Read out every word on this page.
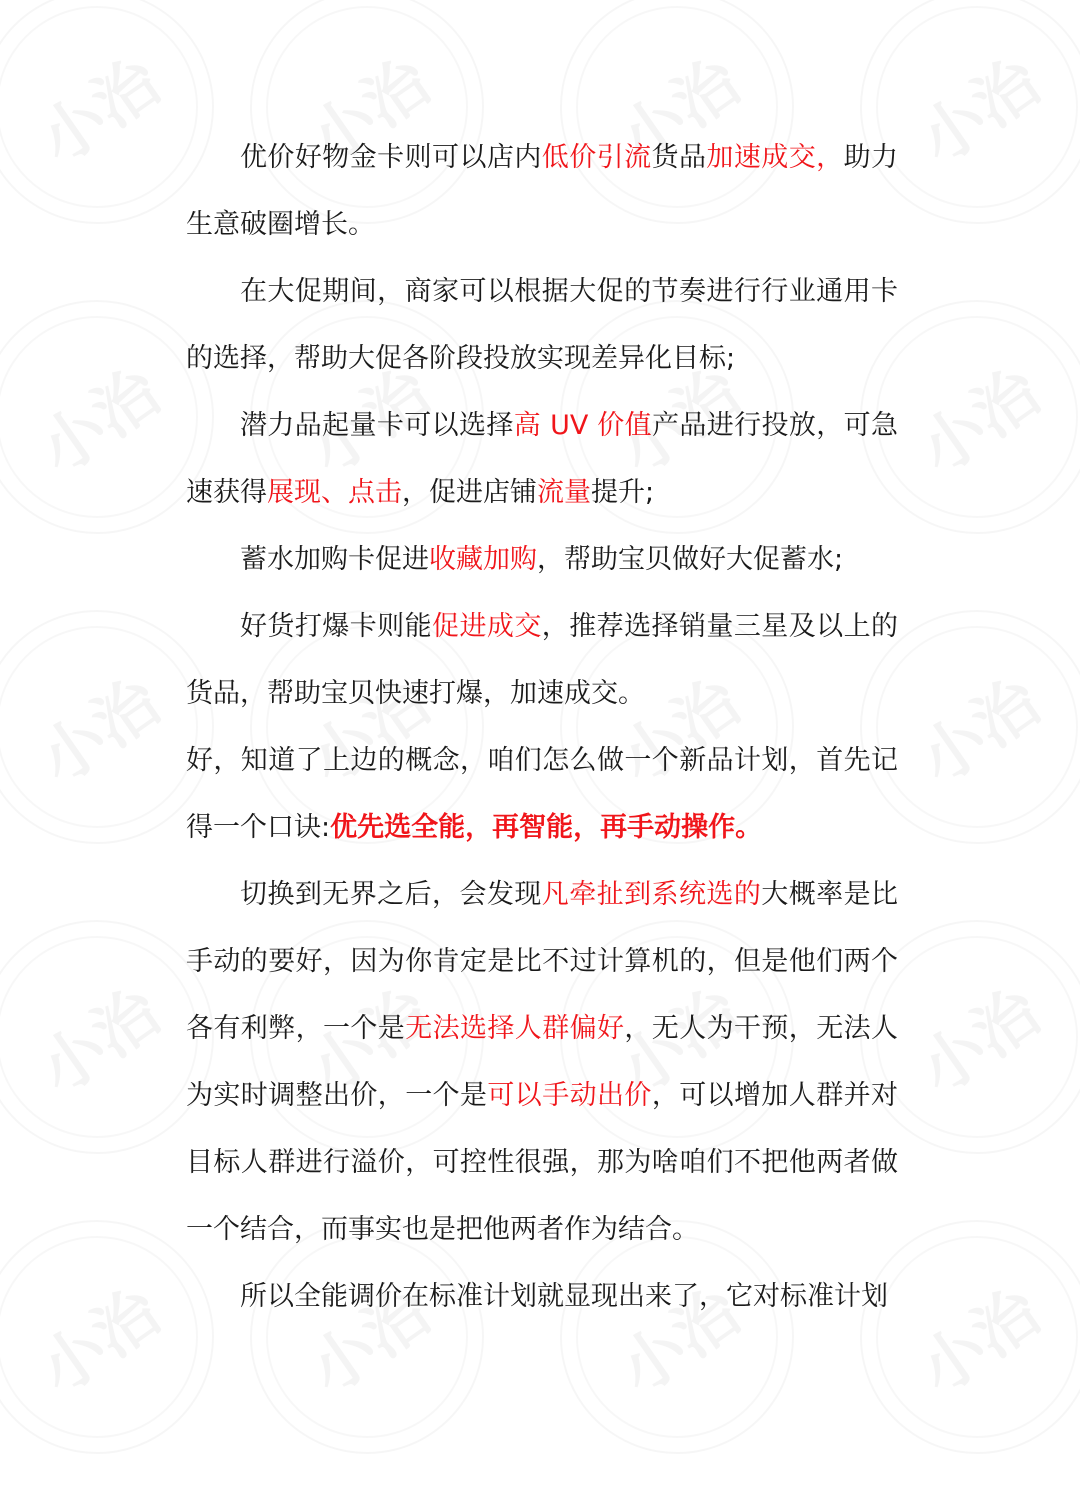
优价好物金卡则可以店内低价引流货品加速成交，助力生意破圈增长。

在大促期间，商家可以根据大促的节奏进行行业通用卡的选择，帮助大促各阶段投放实现差异化目标;

潜力品起量卡可以选择高 UV 价值产品进行投放，可急速获得展现、点击，促进店铺流量提升;

蓄水加购卡促进收藏加购，帮助宝贝做好大促蓄水;

好货打爆卡则能促进成交，推荐选择销量三星及以上的货品，帮助宝贝快速打爆，加速成交。

好，知道了上边的概念，咱们怎么做一个新品计划，首先记得一个口诀:优先选全能，再智能，再手动操作。

切换到无界之后，会发现凡牵扯到系统选的大概率是比手动的要好，因为你肯定是比不过计算机的，但是他们两个各有利弊，一个是无法选择人群偏好，无人为干预，无法人为实时调整出价，一个是可以手动出价，可以增加人群并对目标人群进行溢价，可控性很强，那为啥咱们不把他两者做一个结合，而事实也是把他两者作为结合。

所以全能调价在标准计划就显现出来了，它对标准计划
